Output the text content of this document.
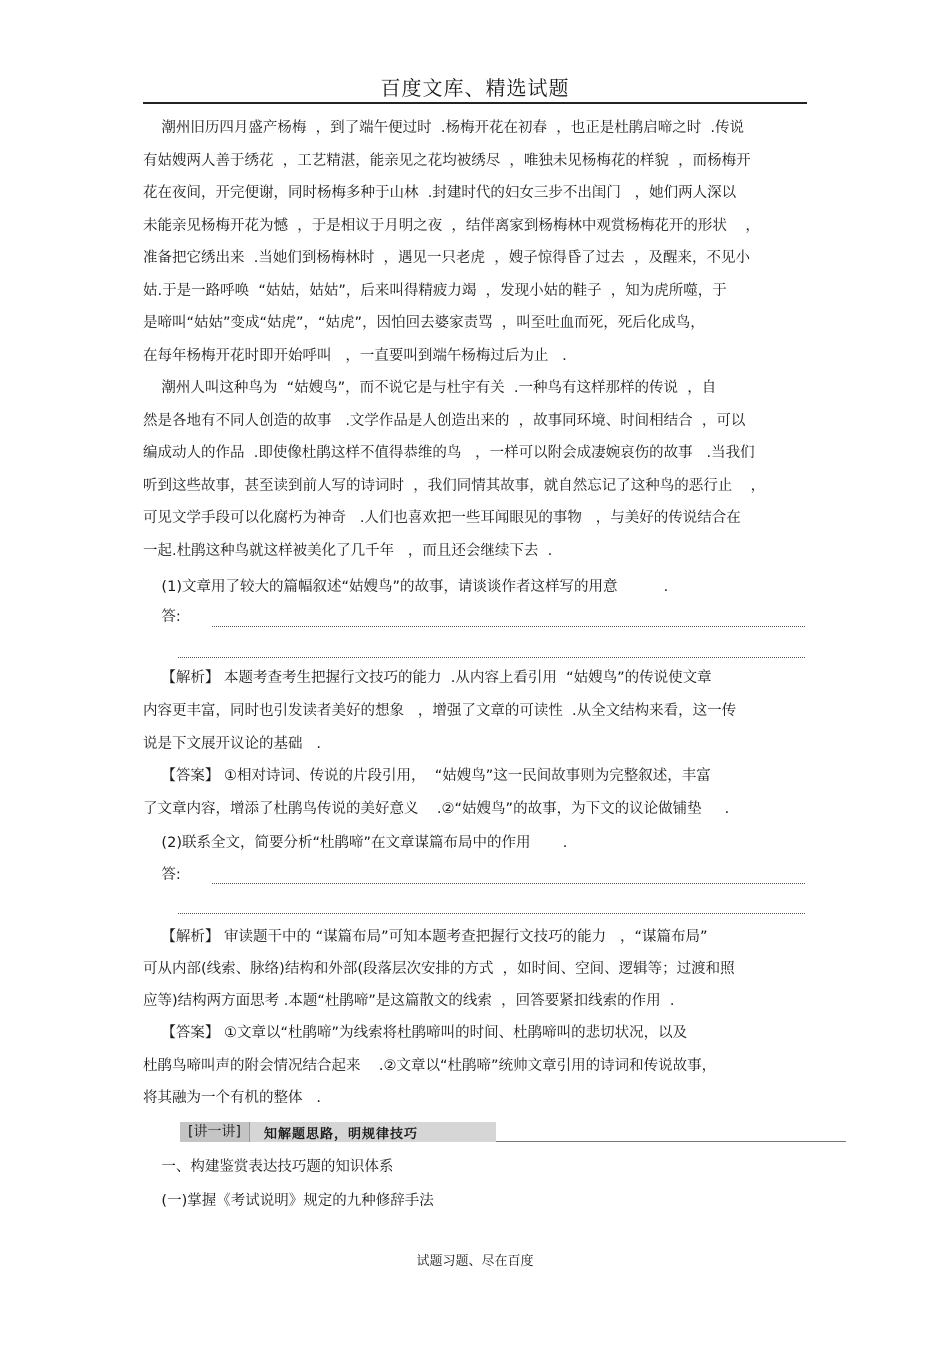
百度文库、精选试题
潮州旧历四月盛产杨梅  ，到了端午便过时  .杨梅开花在初春  ，也正是杜鹃启啼之时  .传说
有姑嫂两人善于绣花  ，工艺精湛，能亲见之花均被绣尽  ，唯独未见杨梅花的样貌  ，而杨梅开
花在夜间，开完便谢，同时杨梅多种于山林  .封建时代的妇女三步不出闺门   ，她们两人深以
未能亲见杨梅开花为憾  ，于是相议于月明之夜  ，结伴离家到杨梅林中观赏杨梅花开的形状    ，
准备把它绣出来  .当她们到杨梅林时  ，遇见一只老虎  ，嫂子惊得昏了过去  ，及醒来，不见小
姑.于是一路呼唤  “姑姑，姑姑”，后来叫得精疲力竭  ，发现小姑的鞋子  ，知为虎所噬，于
是啼叫“姑姑”变成“姑虎”，“姑虎”，因怕回去婆家责骂  ，叫至吐血而死，死后化成鸟，
在每年杨梅开花时即开始呼叫   ，一直要叫到端午杨梅过后为止   .
潮州人叫这种鸟为  “姑嫂鸟”，而不说它是与杜宇有关  .一种鸟有这样那样的传说  ，自
然是各地有不同人创造的故事   .文学作品是人创造出来的  ，故事同环境、时间相结合  ，可以
编成动人的作品  .即使像杜鹃这样不值得恭维的鸟   ，一样可以附会成凄婉哀伤的故事   .当我们
听到这些故事，甚至读到前人写的诗词时  ，我们同情其故事，就自然忘记了这种鸟的恶行止    ，
可见文学手段可以化腐朽为神奇   .人们也喜欢把一些耳闻眼见的事物   ，与美好的传说结合在
一起.杜鹃这种鸟就这样被美化了几千年   ，而且还会继续下去  .
(1)文章用了较大的篇幅叙述“姑嫂鸟”的故事，请谈谈作者这样写的用意          .
答:
【解析】 本题考查考生把握行文技巧的能力  .从内容上看引用  “姑嫂鸟”的传说使文章
内容更丰富，同时也引发读者美好的想象   ，增强了文章的可读性  .从全文结构来看，这一传
说是下文展开议论的基础   .
【答案】 ①相对诗词、传说的片段引用，  “姑嫂鸟”这一民间故事则为完整叙述，丰富
了文章内容，增添了杜鹃鸟传说的美好意义    .②“姑嫂鸟”的故事，为下文的议论做铺垫     .
(2)联系全文，简要分析“杜鹃啼”在文章谋篇布局中的作用       .
答:
【解析】 审读题干中的 “谋篇布局”可知本题考查把握行文技巧的能力   ，“谋篇布局”
可从内部(线索、脉络)结构和外部(段落层次安排的方式  ，如时间、空间、逻辑等；过渡和照
应等)结构两方面思考 .本题“杜鹃啼”是这篇散文的线索  ，回答要紧扣线索的作用  .
【答案】 ①文章以“杜鹃啼”为线索将杜鹃啼叫的时间、杜鹃啼叫的悲切状况，以及
杜鹃鸟啼叫声的附会情况结合起来    .②文章以“杜鹃啼”统帅文章引用的诗词和传说故事，
将其融为一个有机的整体   .
[讲一讲]	知解题思路，明规律技巧
一、构建鉴赏表达技巧题的知识体系
(一)掌握《考试说明》规定的九种修辞手法
试题习题、尽在百度
